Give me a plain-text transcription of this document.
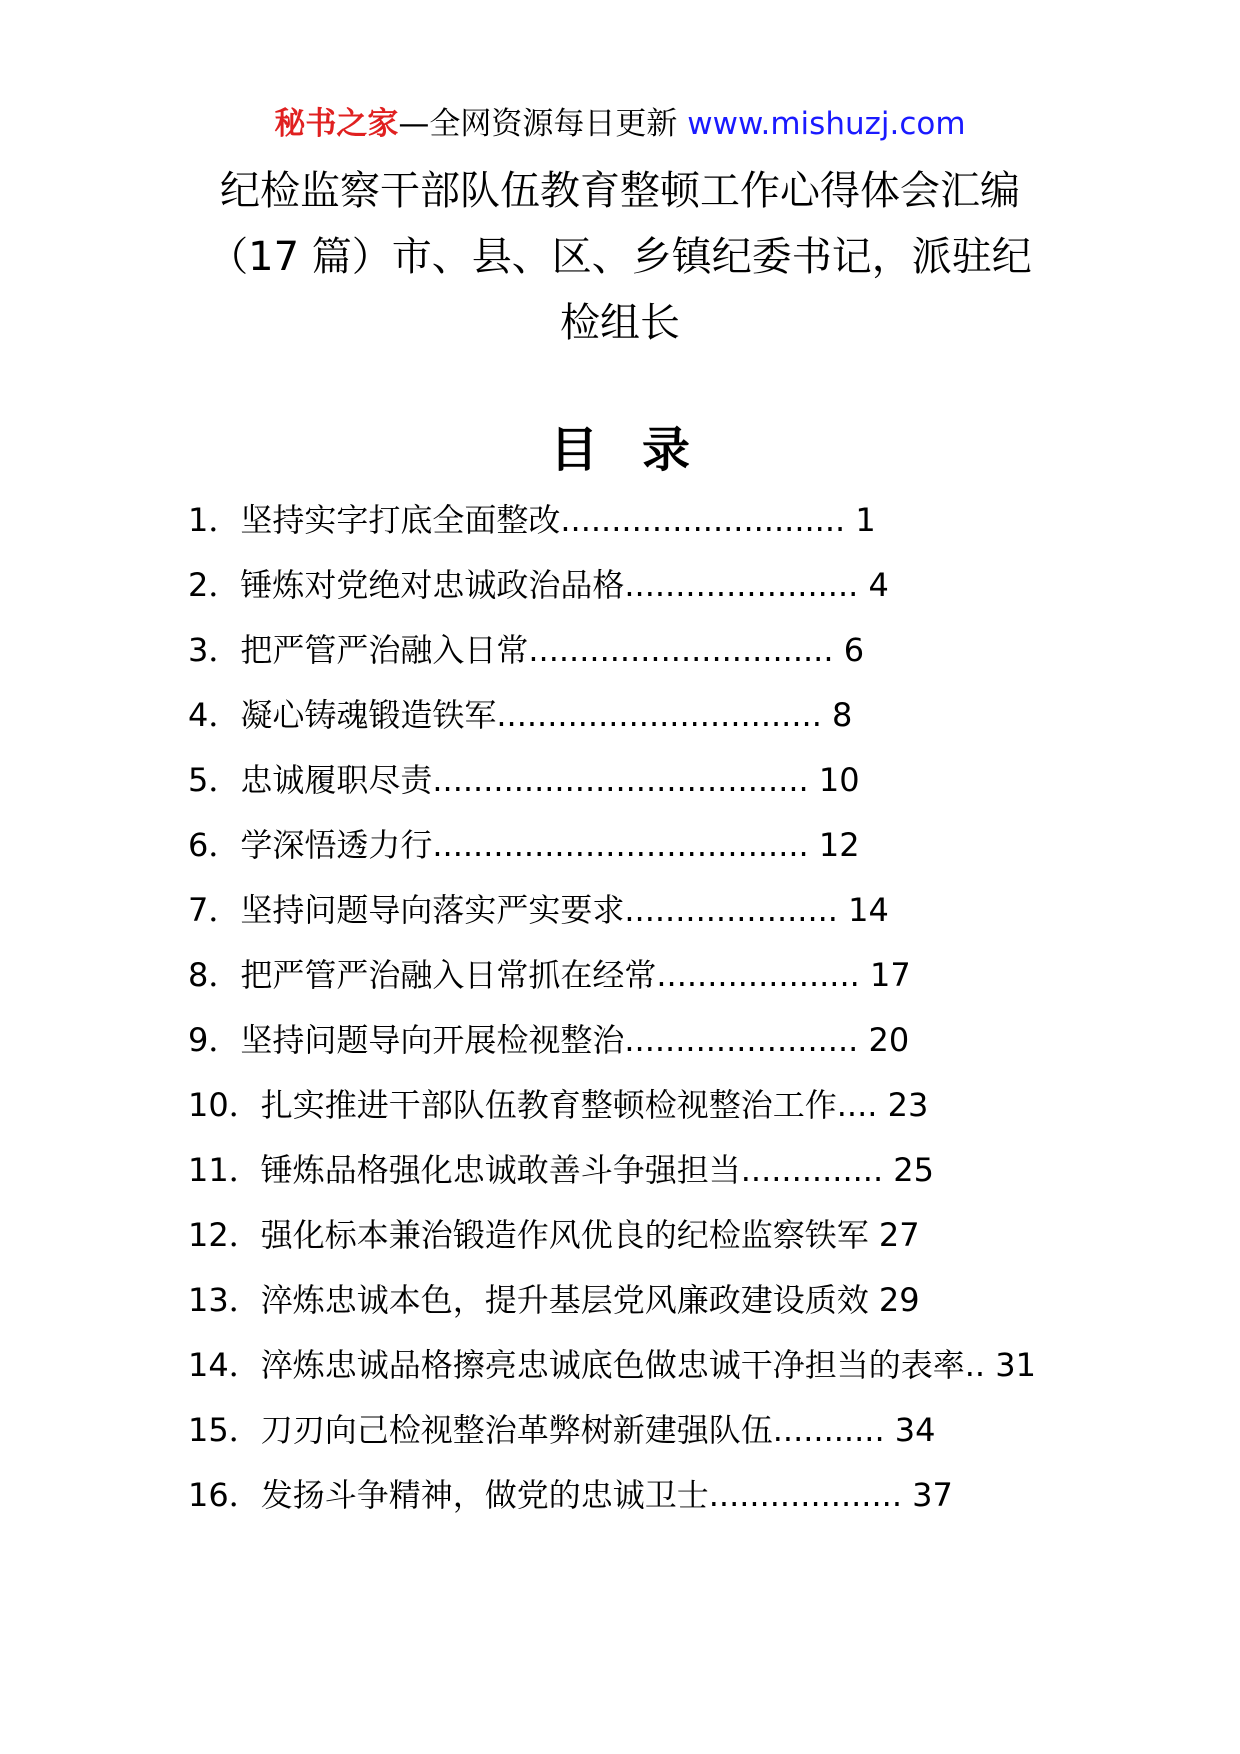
秘书之家—全网资源每日更新 www.mishuzj.com
纪检监察干部队伍教育整顿工作心得体会汇编
（17 篇）市、县、区、乡镇纪委书记，派驻纪
检组长
目录
1．坚持实字打底全面整改............................ 1
2．锤炼对党绝对忠诚政治品格....................... 4
3．把严管严治融入日常.............................. 6
4．凝心铸魂锻造铁军................................ 8
5．忠诚履职尽责..................................... 10
6．学深悟透力行..................................... 12
7．坚持问题导向落实严实要求..................... 14
8．把严管严治融入日常抓在经常.................... 17
9．坚持问题导向开展检视整治....................... 20
10．扎实推进干部队伍教育整顿检视整治工作.... 23
11．锤炼品格强化忠诚敢善斗争强担当.............. 25
12．强化标本兼治锻造作风优良的纪检监察铁军 27
13．淬炼忠诚本色，提升基层党风廉政建设质效 29
14．淬炼忠诚品格擦亮忠诚底色做忠诚干净担当的表率.. 31
15．刀刃向己检视整治革弊树新建强队伍........... 34
16．发扬斗争精神，做党的忠诚卫士................... 37
